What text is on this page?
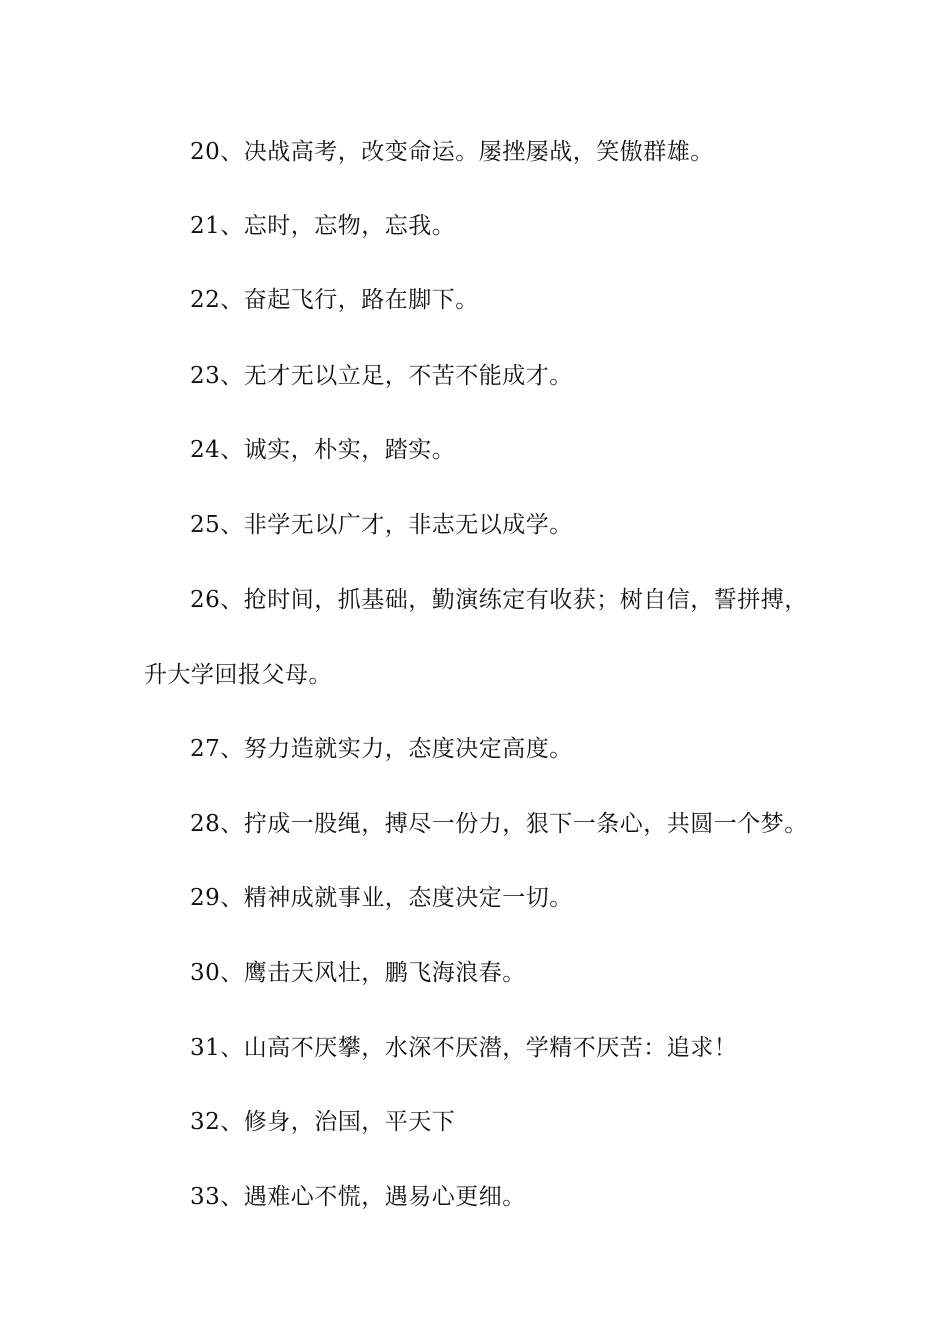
20、决战高考，改变命运。屡挫屡战，笑傲群雄。
21、忘时，忘物，忘我。
22、奋起飞行，路在脚下。
23、无才无以立足，不苦不能成才。
24、诚实，朴实，踏实。
25、非学无以广才，非志无以成学。
26、抢时间，抓基础，勤演练定有收获；树自信，誓拼搏，
升大学回报父母。
27、努力造就实力，态度决定高度。
28、拧成一股绳，搏尽一份力，狠下一条心，共圆一个梦。
29、精神成就事业，态度决定一切。
30、鹰击天风壮，鹏飞海浪春。
31、山高不厌攀，水深不厌潜，学精不厌苦：追求！
32、修身，治国，平天下
33、遇难心不慌，遇易心更细。
